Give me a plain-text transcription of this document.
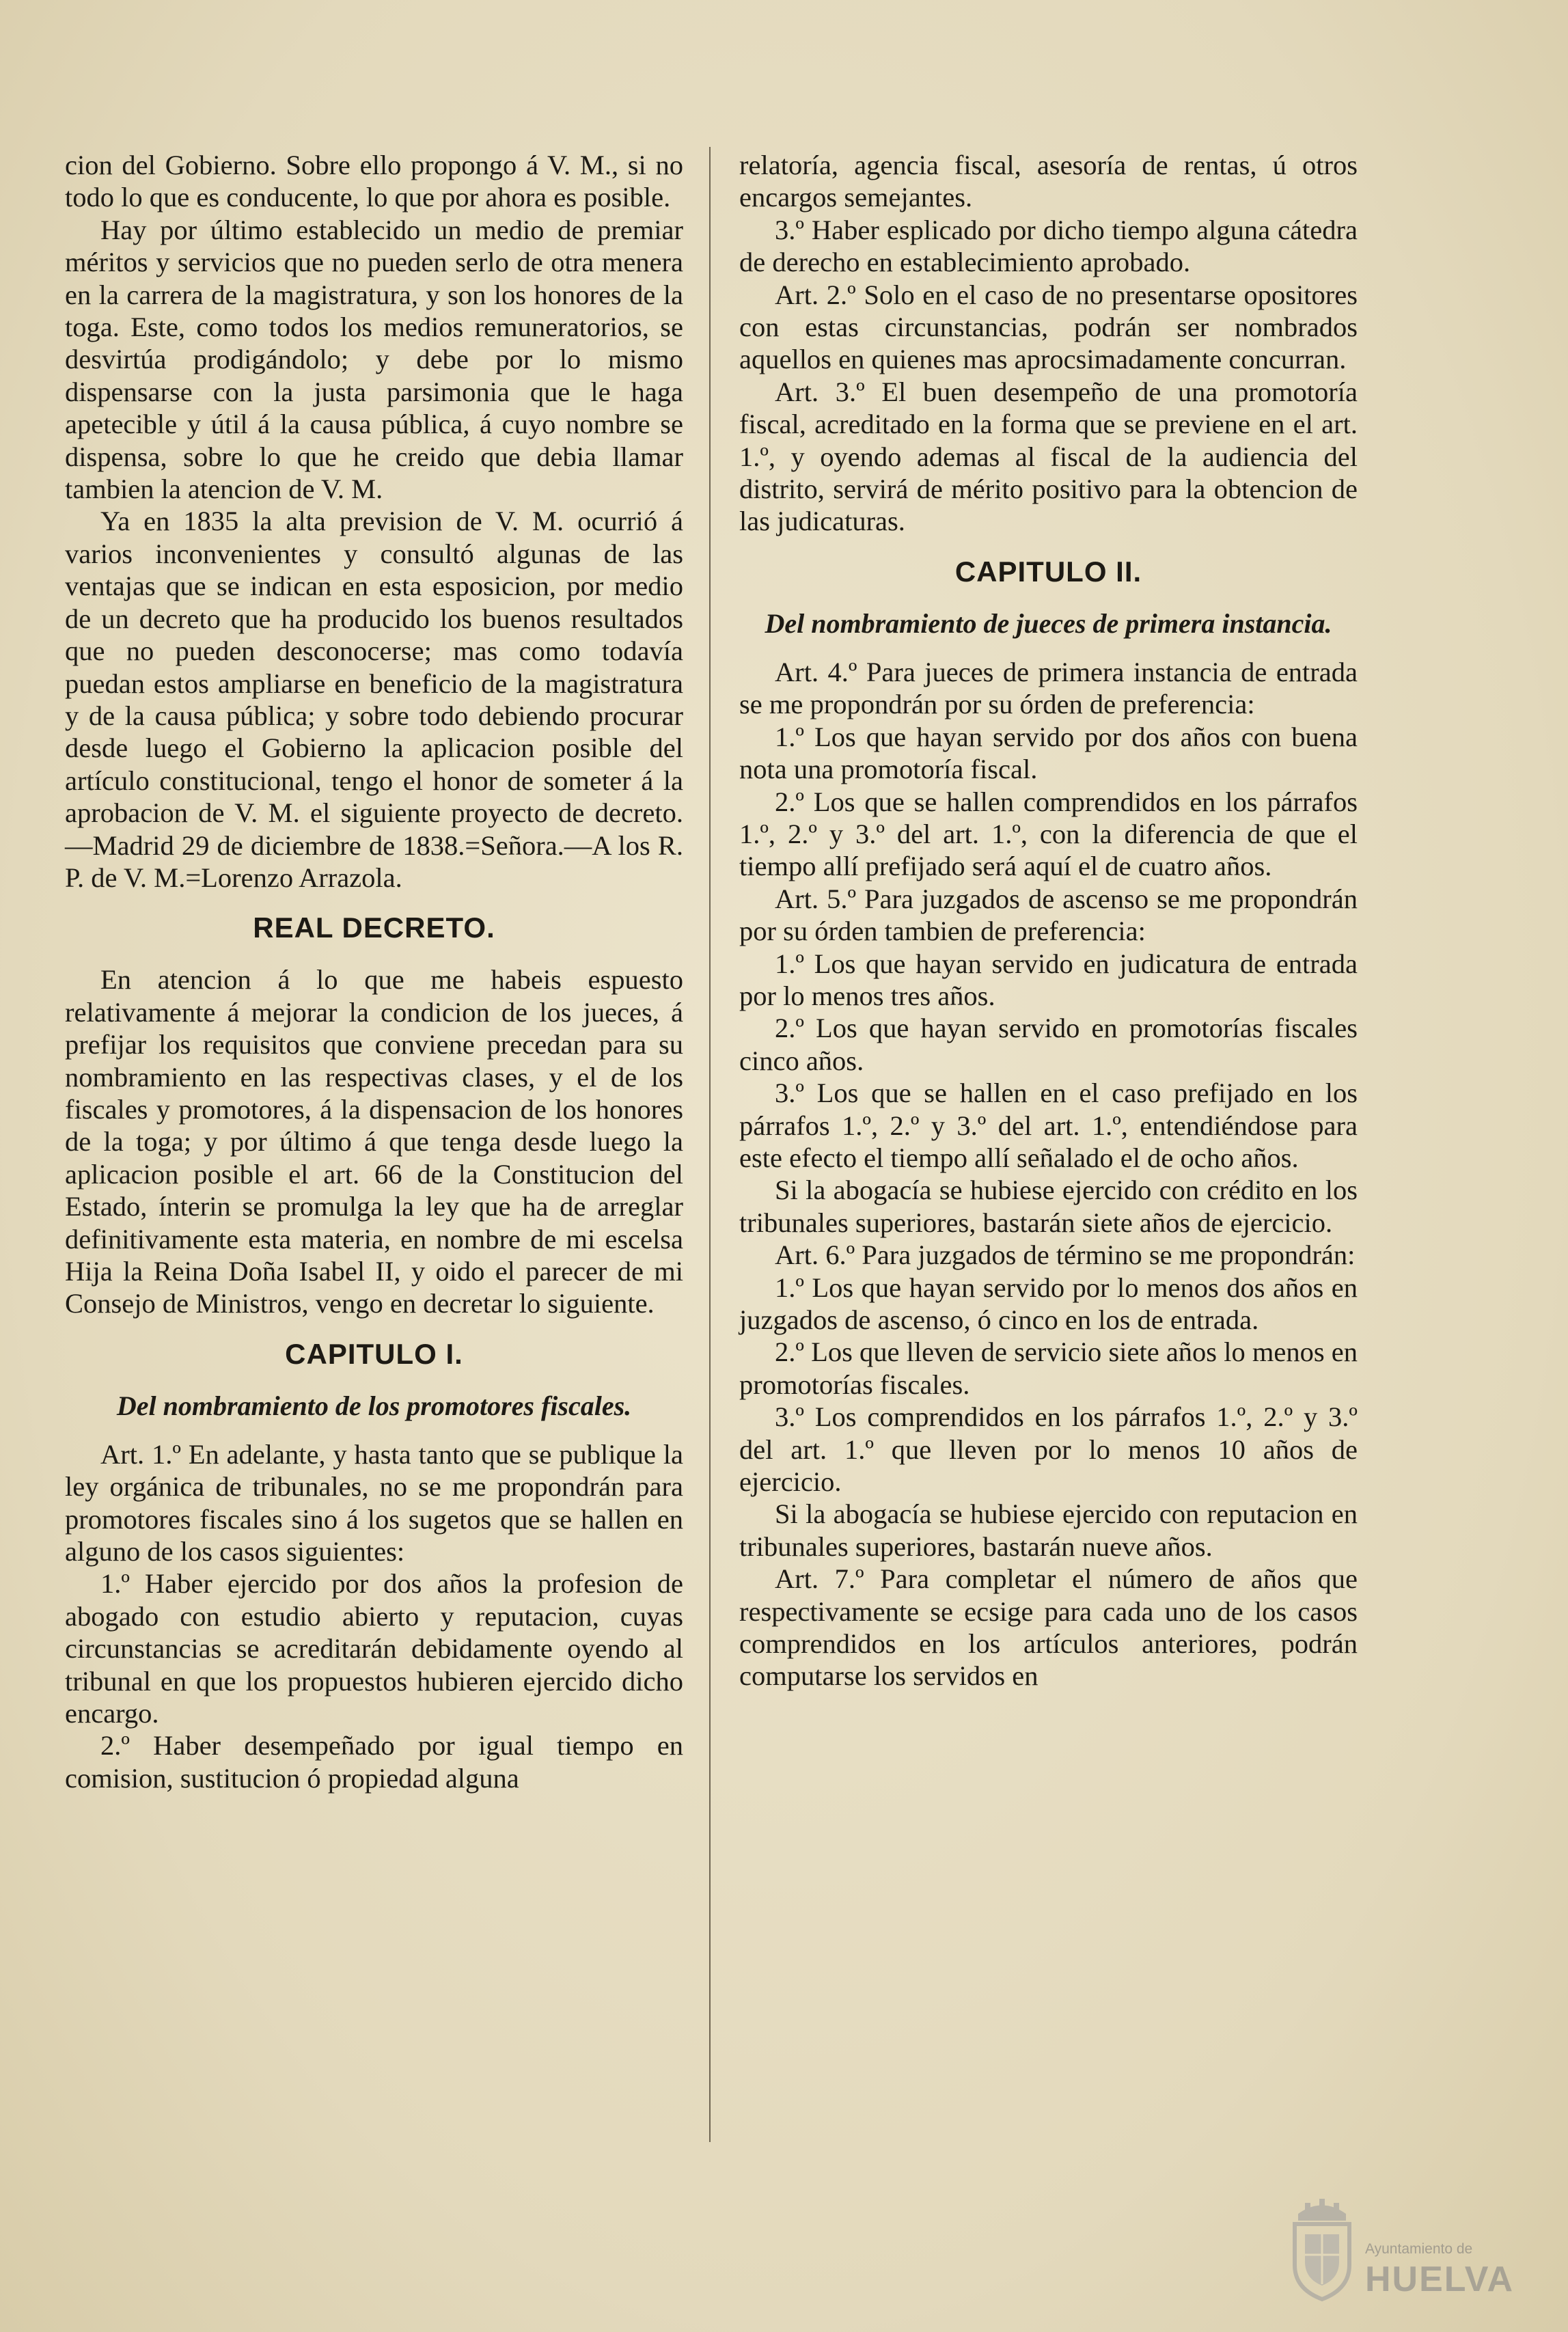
cion del Gobierno. Sobre ello propongo á V. M., si no todo lo que es conducente, lo que por ahora es posible.

Hay por último establecido un medio de premiar méritos y servicios que no pueden serlo de otra menera en la carrera de la magistratura, y son los honores de la toga. Este, como todos los medios remuneratorios, se desvirtúa prodigándolo; y debe por lo mismo dispensarse con la justa parsimonia que le haga apetecible y útil á la causa pública, á cuyo nombre se dispensa, sobre lo que he creido que debia llamar tambien la atencion de V. M.

Ya en 1835 la alta prevision de V. M. ocurrió á varios inconvenientes y consultó algunas de las ventajas que se indican en esta esposicion, por medio de un decreto que ha producido los buenos resultados que no pueden desconocerse; mas como todavía puedan estos ampliarse en beneficio de la magistratura y de la causa pública; y sobre todo debiendo procurar desde luego el Gobierno la aplicacion posible del artículo constitucional, tengo el honor de someter á la aprobacion de V. M. el siguiente proyecto de decreto. —Madrid 29 de diciembre de 1838.=Señora.—A los R. P. de V. M.=Lorenzo Arrazola.

REAL DECRETO.

En atencion á lo que me habeis espuesto relativamente á mejorar la condicion de los jueces, á prefijar los requisitos que conviene precedan para su nombramiento en las respectivas clases, y el de los fiscales y promotores, á la dispensacion de los honores de la toga; y por último á que tenga desde luego la aplicacion posible el art. 66 de la Constitucion del Estado, ínterin se promulga la ley que ha de arreglar definitivamente esta materia, en nombre de mi escelsa Hija la Reina Doña Isabel II, y oido el parecer de mi Consejo de Ministros, vengo en decretar lo siguiente.

CAPITULO I.
Del nombramiento de los promotores fiscales.

Art. 1.º En adelante, y hasta tanto que se publique la ley orgánica de tribunales, no se me propondrán para promotores fiscales sino á los sugetos que se hallen en alguno de los casos siguientes:

1.º Haber ejercido por dos años la profesion de abogado con estudio abierto y reputacion, cuyas circunstancias se acreditarán debidamente oyendo al tribunal en que los propuestos hubieren ejercido dicho encargo.

2.º Haber desempeñado por igual tiempo en comision, sustitucion ó propiedad alguna

relatoría, agencia fiscal, asesoría de rentas, ú otros encargos semejantes.

3.º Haber esplicado por dicho tiempo alguna cátedra de derecho en establecimiento aprobado.

Art. 2.º Solo en el caso de no presentarse opositores con estas circunstancias, podrán ser nombrados aquellos en quienes mas aprocsimadamente concurran.

Art. 3.º El buen desempeño de una promotoría fiscal, acreditado en la forma que se previene en el art. 1.º, y oyendo ademas al fiscal de la audiencia del distrito, servirá de mérito positivo para la obtencion de las judicaturas.

CAPITULO II.
Del nombramiento de jueces de primera instancia.

Art. 4.º Para jueces de primera instancia de entrada se me propondrán por su órden de preferencia:

1.º Los que hayan servido por dos años con buena nota una promotoría fiscal.

2.º Los que se hallen comprendidos en los párrafos 1.º, 2.º y 3.º del art. 1.º, con la diferencia de que el tiempo allí prefijado será aquí el de cuatro años.

Art. 5.º Para juzgados de ascenso se me propondrán por su órden tambien de preferencia:

1.º Los que hayan servido en judicatura de entrada por lo menos tres años.

2.º Los que hayan servido en promotorías fiscales cinco años.

3.º Los que se hallen en el caso prefijado en los párrafos 1.º, 2.º y 3.º del art. 1.º, entendiéndose para este efecto el tiempo allí señalado el de ocho años.

Si la abogacía se hubiese ejercido con crédito en los tribunales superiores, bastarán siete años de ejercicio.

Art. 6.º Para juzgados de término se me propondrán:

1.º Los que hayan servido por lo menos dos años en juzgados de ascenso, ó cinco en los de entrada.

2.º Los que lleven de servicio siete años lo menos en promotorías fiscales.

3.º Los comprendidos en los párrafos 1.º, 2.º y 3.º del art. 1.º que lleven por lo menos 10 años de ejercicio.

Si la abogacía se hubiese ejercido con reputacion en tribunales superiores, bastarán nueve años.

Art. 7.º Para completar el número de años que respectivamente se ecsige para cada uno de los casos comprendidos en los artículos anteriores, podrán computarse los servidos en

Ayuntamiento de
HUELVA
